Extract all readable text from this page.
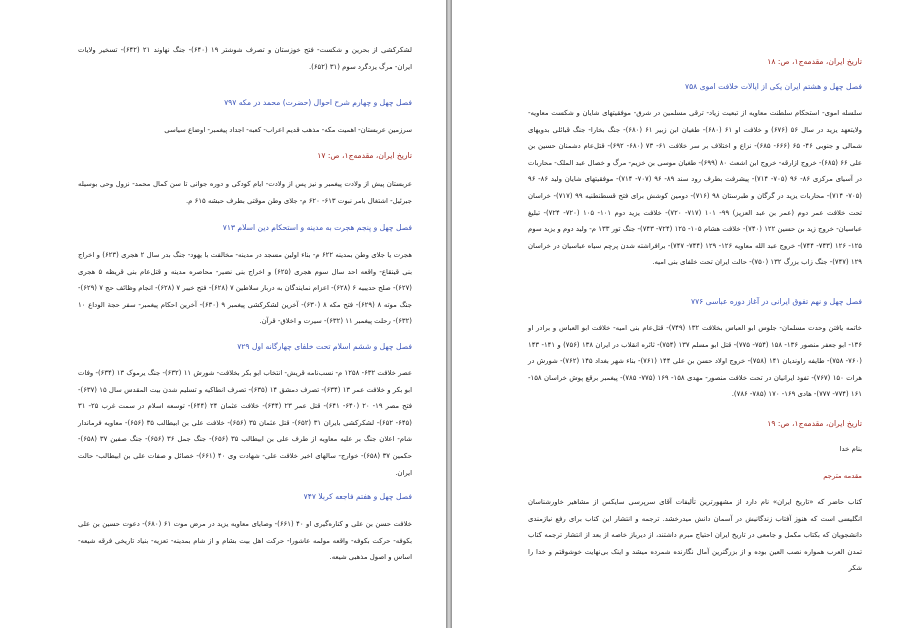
لشکرکشی از بحرین و شکست- فتح خوزستان و تصرف شوشتر ۱۹ (۶۴۰)- جنگ نهاوند ۲۱ (۶۴۲)- تسخیر ولایات ایران- مرگ یزدگرد سوم (۳۱ (۶۵۲).
فصل چهل و چهارم شرح احوال (حضرت) محمد در مکه ۷۹۷
سرزمین عربستان- اهمیت مکه- مذهب قدیم اعراب- کعبه- اجداد پیغمبر- اوضاع سیاسی
تاریخ ایران، مقدمه‌ج۱، ص: ۱۷
عربستان پیش از ولادت پیغمبر و نیز پس از ولادت- ایام کودکی و دوره جوانی تا سن کمال محمد- نزول وحی بوسیله جبرئیل- اشتغال بامر نبوت ۶۱۳- ۶۲۰ م- جلای وطن موقتی بطرف حبشه ۶۱۵ م.
فصل چهل و پنجم هجرت به مدینه و استحکام دین اسلام ۷۱۳
هجرت یا جلای وطن بمدینه ۶۲۲ م- بناء اولین مسجد در مدینه- مخالفت با یهود- جنگ بدر سال ۲ هجری (۶۲۳) و اخراج بنی قینقاع- واقعه احد سال سوم هجری (۶۲۵) و اخراج بنی نضیر- محاصره مدینه و قتل‌عام بنی قریظه ۵ هجری (۶۲۷)- صلح حدیبیه ۶ (۶۲۸)- اعزام نمایندگان به دربار سلاطین ۷ (۶۲۸)- فتح خیبر ۷ (۶۲۸)- انجام وظائف حج ۷ (۶۲۹)- جنگ موته ۸ (۶۲۹)- فتح مکه ۸ (۶۳۰)- آخرین لشکرکشی پیغمبر ۹ (۶۳۰)- آخرین احکام پیغمبر- سفر حجة الوداع ۱۰ (۶۳۲)- رحلت پیغمبر ۱۱ (۶۳۲)- سیرت و اخلاق- قرآن.
فصل چهل و ششم اسلام تحت خلفای چهارگانه اول ۷۲۹
عصر خلافت ۶۳۲- ۱۲۵۸ م- نسب‌نامه قریش- انتخاب ابو بکر بخلافت- شورش ۱۱ (۶۳۲)- جنگ یرموک ۱۳ (۶۳۴)- وفات ابو بکر و خلافت عمر ۱۳ (۶۳۴)- تصرف دمشق ۱۴ (۶۳۵)- تصرف انطاکیه و تسلیم شدن بیت المقدس سال ۱۵ (۶۳۷)- فتح مصر ۱۹- ۲۰ (۶۴۰- ۶۴۱)- قتل عمر ۲۳ (۶۴۴)- خلافت عثمان ۲۴ (۶۴۴)- توسعه اسلام در سمت غرب ۲۵- ۳۱ (۶۴۵- ۶۵۲)- لشکرکشی بایران ۳۱ (۶۵۲)- قتل عثمان ۳۵ (۶۵۶)- خلافت علی بن ابیطالب ۳۵ (۶۵۶)- معاویه فرماندار شام- اعلان جنگ بر علیه معاویه از طرف علی بن ابیطالب ۳۵ (۶۵۶)- جنگ جمل ۳۶ (۶۵۶)- جنگ صفین ۳۷ (۶۵۸)- حکمین ۳۷ (۶۵۸)- خوارج- سالهای اخیر خلافت علی- شهادت وی ۴۰ (۶۶۱)- خصائل و صفات علی بن ابیطالب- حالت ایران.
فصل چهل و هفتم فاجعه کربلا ۷۴۷
خلافت حسن بن علی و کناره‌گیری او ۴۰ (۶۶۱)- وصایای معاویه یزید در مرض موت ۶۱ (۶۸۰)- دعوت حسین بن علی بکوفه- حرکت بکوفه- واقعه مولمه عاشورا- حرکت اهل بیت بشام و از شام بمدینه- تعزیه- بنیاد تاریخی فرقه شیعه- اساس و اصول مذهبی شیعه.
تاریخ ایران، مقدمه‌ج۱، ص: ۱۸
فصل چهل و هشتم ایران یکی از ایالات خلافت اموی ۷۵۸
سلسله اموی- استحکام سلطنت معاویه از تبعیت زیاد- ترقی مسلمین در شرق- موفقیتهای شایان و شکست معاویه- ولایتعهد یزید در سال ۵۶ (۶۷۶) و خلافت او ۶۱ (۶۸۰)- طغیان ابن زبیر ۶۱ (۶۸۰)- جنگ بخارا- جنگ قبائلی بدویهای شمالی و جنوبی ۴۶- ۶۵ (۶۶۶- ۶۸۵)- نزاع و اختلاف بر سر خلافت ۶۱- ۷۳ (۶۸۰- ۶۹۲)- قتل‌عام دشمنان حسین بن علی ۶۶ (۶۸۵)- خروج ازارقه- خروج ابن اشعث ۸۰ (۶۹۹)- طغیان موسی بن خزیم- مرگ و خصال عبد الملک- محاربات در آسیای مرکزی ۸۶- ۹۶ (۷۰۵- ۷۱۴)- پیشرفت بطرف رود سند ۸۹- ۹۶ (۷۰۷- ۷۱۴)- موفقیتهای شایان ولید ۸۶- ۹۶ (۷۰۵- ۷۱۴)- محاربات یزید در گرگان و طبرستان ۹۸ (۷۱۶)- دومین کوشش برای فتح قسطنطنیه ۹۹ (۷۱۷)- خراسان تحت خلافت عمر دوم (عمر بن عبد العزیز) ۹۹- ۱۰۱ (۷۱۷- ۷۲۰)- خلافت یزید دوم ۱۰۱- ۱۰۵ (۷۲۰- ۷۲۴)- تبلیغ عباسیان- خروج زید بن حسین ۱۲۲ (۷۴۰)- خلافت هشام ۱۰۵- ۱۲۵ (۷۲۴- ۷۴۳)- جنگ تور ۱۳۳ م- ولید دوم و یزید سوم ۱۲۵- ۱۲۶ (۷۴۳- ۷۴۴)- خروج عبد الله معاویه ۱۲۶- ۱۲۹ (۷۴۴- ۷۴۷)- برافراشته شدن پرچم سیاه عباسیان در خراسان ۱۲۹ (۷۴۷)- جنگ زاب بزرگ ۱۳۲ (۷۵۰)- حالت ایران تحت خلفای بنی امیه.
فصل چهل و نهم تفوق ایرانی در آغاز دوره عباسی ۷۷۶
خاتمه یافتن وحدت مسلمان- جلوس ابو العباس بخلافت ۱۳۲ (۷۴۹)- قتل‌عام بنی امیه- خلافت ابو العباس و برادر او ۱۳۶- ابو جعفر منصور ۱۳۶- ۱۵۸ (۷۵۴- ۷۷۵)- قتل ابو مسلم ۱۳۷ (۷۵۴)- ثائره انقلاب در ایران ۱۳۸ (۷۵۶) و ۱۴۱- ۱۴۳ (۷۶۰- ۷۵۸)- طایفه راوندیان ۱۴۱ (۷۵۸)- خروج اولاد حسن بن علی ۱۴۴ (۷۶۱)- بناء شهر بغداد ۱۴۵ (۷۶۲)- شورش در هرات ۱۵۰ (۷۶۷)- تفوذ ایرانیان در تحت خلافت منصور- مهدی ۱۵۸- ۱۶۹ (۷۷۵- ۷۸۵)- پیغمبر برقع پوش خراسان ۱۵۸- ۱۶۱ (۷۷۴- ۷۷۷)- هادی ۱۶۹- ۱۷۰ (۷۸۵- ۷۸۶).
تاریخ ایران، مقدمه‌ج۱، ص: ۱۹
بنام خدا
مقدمه مترجم
کتاب حاضر که «تاریخ ایران» نام دارد از مشهورترین تألیفات آقای سرپرسی سایکس از مشاهیر خاورشناسان انگلیسی است که هنوز آفتاب زندگانیش در آسمان دانش میدرخشد. ترجمه و انتشار این کتاب برای رفع نیازمندی دانشجویان که بکتاب مکمل و جامعی در تاریخ ایران احتیاج مبرم داشتند، از دیرباز خاصه از بعد از انتشار ترجمه کتاب تمدن العرب همواره نصب العین بوده و از بزرگترین آمال نگارنده شمرده میشد و اینک بی‌نهایت خوشوقتم و خدا را شکر
